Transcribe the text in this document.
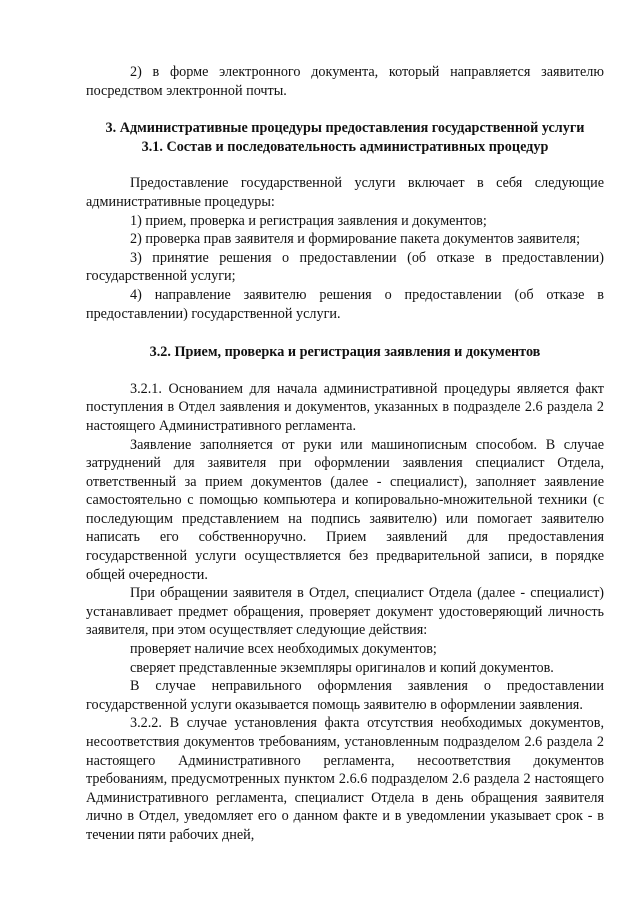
2) в форме электронного документа, который направляется заявителю посредством электронной почты.

3. Административные процедуры предоставления государственной услуги

3.1. Состав и последовательность административных процедур

Предоставление государственной услуги включает в себя следующие административные процедуры:

1) прием, проверка и регистрация заявления и документов;

2) проверка прав заявителя и формирование пакета документов заявителя;

3) принятие решения о предоставлении (об отказе в предоставлении) государственной услуги;

4) направление заявителю решения о предоставлении (об отказе в предоставлении) государственной услуги.

3.2. Прием, проверка и регистрация заявления и документов

3.2.1. Основанием для начала административной процедуры является факт поступления в Отдел заявления и документов, указанных в подразделе 2.6 раздела 2 настоящего Административного регламента.

Заявление заполняется от руки или машинописным способом. В случае затруднений для заявителя при оформлении заявления специалист Отдела, ответственный за прием документов (далее - специалист), заполняет заявление самостоятельно с помощью компьютера и копировально-множительной техники (с последующим представлением на подпись заявителю) или помогает заявителю написать его собственноручно. Прием заявлений для предоставления государственной услуги осуществляется без предварительной записи, в порядке общей очередности.

При обращении заявителя в Отдел, специалист Отдела (далее - специалист) устанавливает предмет обращения, проверяет документ удостоверяющий личность заявителя, при этом осуществляет следующие действия:

проверяет наличие всех необходимых документов;

сверяет представленные экземпляры оригиналов и копий документов.

В случае неправильного оформления заявления о предоставлении государственной услуги оказывается помощь заявителю в оформлении заявления.

3.2.2. В случае установления факта отсутствия необходимых документов, несоответствия документов требованиям, установленным подразделом 2.6 раздела 2 настоящего Административного регламента, несоответствия документов требованиям, предусмотренных пунктом 2.6.6 подразделом 2.6 раздела 2 настоящего Административного регламента, специалист Отдела в день обращения заявителя лично в Отдел, уведомляет его о данном факте и в уведомлении указывает срок - в течении пяти рабочих дней,
